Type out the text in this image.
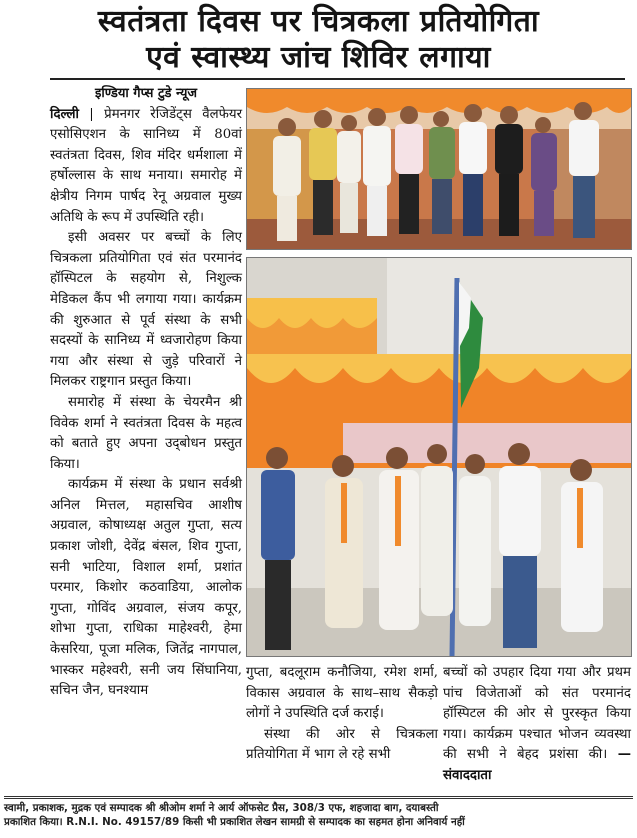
स्वतंत्रता दिवस पर चित्रकला प्रतियोगिता
एवं स्वास्थ्य जांच शिविर लगाया

इण्डिया गैप्स टुडे न्यूज

दिल्ली | प्रेमनगर रेजिडेंट्स वैलफेयर एसोसिएशन के सानिध्य में 80वां स्वतंत्रता दिवस, शिव मंदिर धर्मशाला में हर्षोल्लास के साथ मनाया। समारोह में क्षेत्रीय निगम पार्षद रेनू अग्रवाल मुख्य अतिथि के रूप में उपस्थिति रही।

इसी अवसर पर बच्चों के लिए चित्रकला प्रतियोगिता एवं संत परमानंद हॉस्पिटल के सहयोग से, निशुल्क मेडिकल कैंप भी लगाया गया। कार्यक्रम की शुरुआत से पूर्व संस्था के सभी सदस्यों के सानिध्य में ध्वजारोहण किया गया और संस्था से जुड़े परिवारों ने मिलकर राष्ट्रगान प्रस्तुत किया।

समारोह में संस्था के चेयरमैन श्री विवेक शर्मा ने स्वतंत्रता दिवस के महत्व को बताते हुए अपना उद्‌बोधन प्रस्तुत किया।

कार्यक्रम में संस्था के प्रधान सर्वश्री अनिल मित्तल, महासचिव आशीष अग्रवाल, कोषाध्यक्ष अतुल गुप्ता, सत्य प्रकाश जोशी, देवेंद्र बंसल, शिव गुप्ता, सनी भाटिया, विशाल शर्मा, प्रशांत परमार, किशोर कठवाडिया, आलोक गुप्ता, गोविंद अग्रवाल, संजय कपूर, शोभा गुप्ता, राधिका माहेश्वरी, हेमा केसरिया, पूजा मलिक, जितेंद्र नागपाल, भास्कर महेश्वरी, सनी जय सिंघानिया, सचिन जैन, घनश्याम

गुप्ता, बदलूराम कनौजिया, रमेश शर्मा, विकास अग्रवाल के साथ–साथ सैकड़ो लोगों ने उपस्थिति दर्ज कराई।

संस्था की ओर से चित्रकला प्रतियोगिता में भाग ले रहे सभी

बच्चों को उपहार दिया गया और प्रथम पांच विजेताओं को संत परमानंद हॉस्पिटल की ओर से पुरस्कृत किया गया। कार्यक्रम पश्चात भोजन व्यवस्था की सभी ने बेहद प्रशंसा की। — संवाददाता

स्वामी, प्रकाशक, मुद्रक एवं सम्पादक श्री श्रीओम शर्मा ने आर्य ऑफसेट प्रैस, 308/3 एफ, शहजादा बाग, दयाबस्ती
प्रकाशित किया। R.N.I. No. 49157/89 किसी भी प्रकाशित लेखन सामग्री से सम्पादक का सहमत होना अनिवार्य नहीं
